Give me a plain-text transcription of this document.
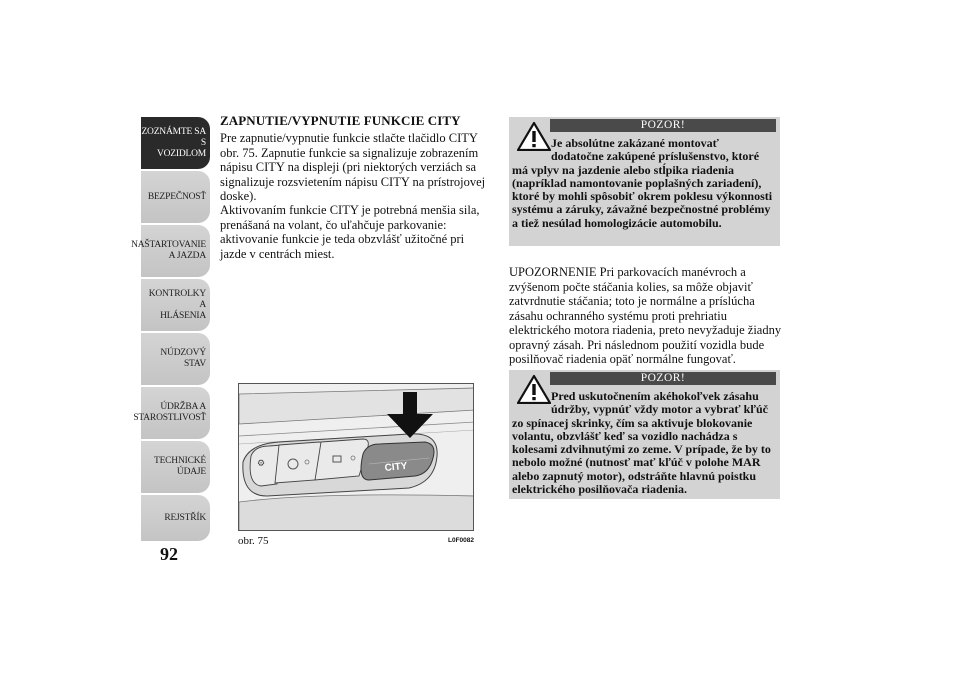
ZOZNÁMTE SA S
VOZIDLOM
BEZPEČNOSŤ
NAŠTARTOVANIE
A JAZDA
KONTROLKY A
HLÁSENIA
NÚDZOVÝ STAV
ÚDRŽBA A
STAROSTLIVOSŤ
TECHNICKÉ
ÚDAJE
REJSTŘÍK
92
ZAPNUTIE/VYPNUTIE FUNKCIE CITY

Pre zapnutie/vypnutie funkcie stlačte tlačidlo CITY obr. 75. Zapnutie funkcie sa signalizuje zobrazením nápisu CITY na displeji (pri niektorých verziách sa signalizuje rozsvietením nápisu CITY na prístrojovej doske).

Aktivovaním funkcie CITY je potrebná menšia sila, prenášaná na volant, čo uľahčuje parkovanie: aktivovanie funkcie je teda obzvlášť užitočné pri jazde v centrách miest.

⚙	CITY
obr. 75	L0F0082
POZOR!

Je absolútne zakázané montovať
dodatočne zakúpené príslušenstvo, ktoré
má vplyv na jazdenie alebo stĺpika riadenia (napríklad namontovanie poplašných zariadení), ktoré by mohli spôsobiť okrem poklesu výkonnosti systému a záruky, závažné bezpečnostné problémy a tiež nesúlad homologizácie automobilu.

UPOZORNENIE Pri parkovacích manévroch a zvýšenom počte stáčania kolies, sa môže objaviť zatvrdnutie stáčania; toto je normálne a príslúcha zásahu ochranného systému proti prehriatiu elektrického motora riadenia, preto nevyžaduje žiadny opravný zásah. Pri následnom použití vozidla bude posilňovač riadenia opäť normálne fungovať.

POZOR!

Pred uskutočnením akéhokoľvek zásahu
údržby, vypnúť vždy motor a vybrať kľúč
zo spínacej skrinky, čím sa aktivuje blokovanie volantu, obzvlášť keď sa vozidlo nachádza s kolesami zdvihnutými zo zeme. V prípade, že by to nebolo možné (nutnosť mať kľúč v polohe MAR alebo zapnutý motor), odstráňte hlavnú poistku elektrického posilňovača riadenia.
